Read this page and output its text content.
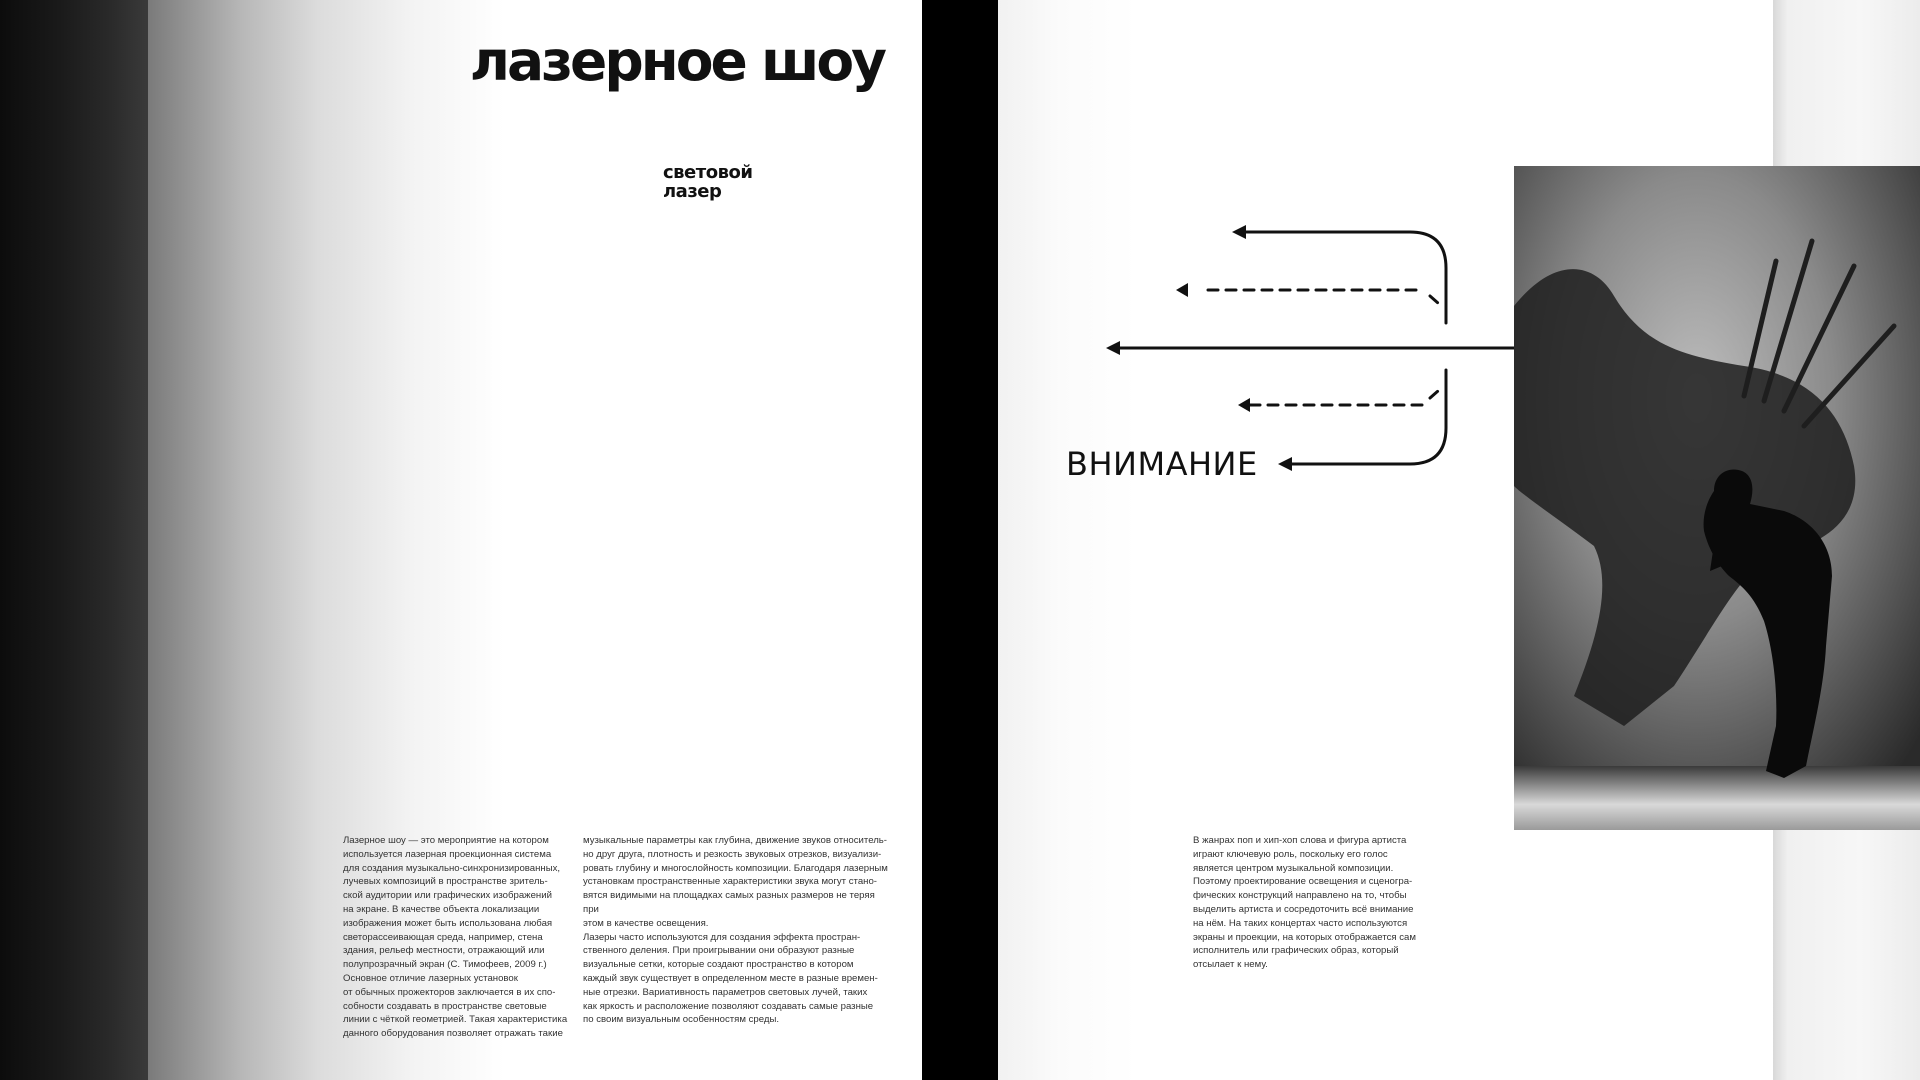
лазерное шоу
световой
лазер
Лазерное шоу — это мероприятие на котором
используется лазерная проекционная система
для создания музыкально-синхронизированных,
лучевых композиций в пространстве зритель-
ской аудитории или графических изображений
на экране. В качестве объекта локализации
изображения может быть использована любая
светорассеивающая среда, например, стена
здания, рельеф местности, отражающий или
полупрозрачный экран (С. Тимофеев, 2009 г.)
Основное отличие лазерных установок
от обычных прожекторов заключается в их спо-
собности создавать в пространстве световые
линии с чёткой геометрией. Такая характеристика
данного оборудования позволяет отражать такие
музыкальные параметры как глубина, движение звуков относитель-
но друг друга, плотность и резкость звуковых отрезков, визуализи-
ровать глубину и многослойность композиции. Благодаря лазерным
установкам пространственные характеристики звука могут стано-
вятся видимыми на площадках самых разных размеров не теряя при
этом в качестве освещения.
Лазеры часто используются для создания эффекта простран-
ственного деления. При проигрывании они образуют разные
визуальные сетки, которые создают пространство в котором
каждый звук существует в определенном месте в разные времен-
ные отрезки. Вариативность параметров световых лучей, таких
как яркость и расположение позволяют создавать самые разные
по своим визуальным особенностям среды.
ВНИМАНИЕ
В жанрах поп и хип-хоп слова и фигура артиста
играют ключевую роль, поскольку его голос
является центром музыкальной композиции.
Поэтому проектирование освещения и сценогра-
фических конструкций направлено на то, чтобы
выделить артиста и сосредоточить всё внимание
на нём. На таких концертах часто используются
экраны и проекции, на которых отображается сам
исполнитель или графических образ, который
отсылает к нему.
